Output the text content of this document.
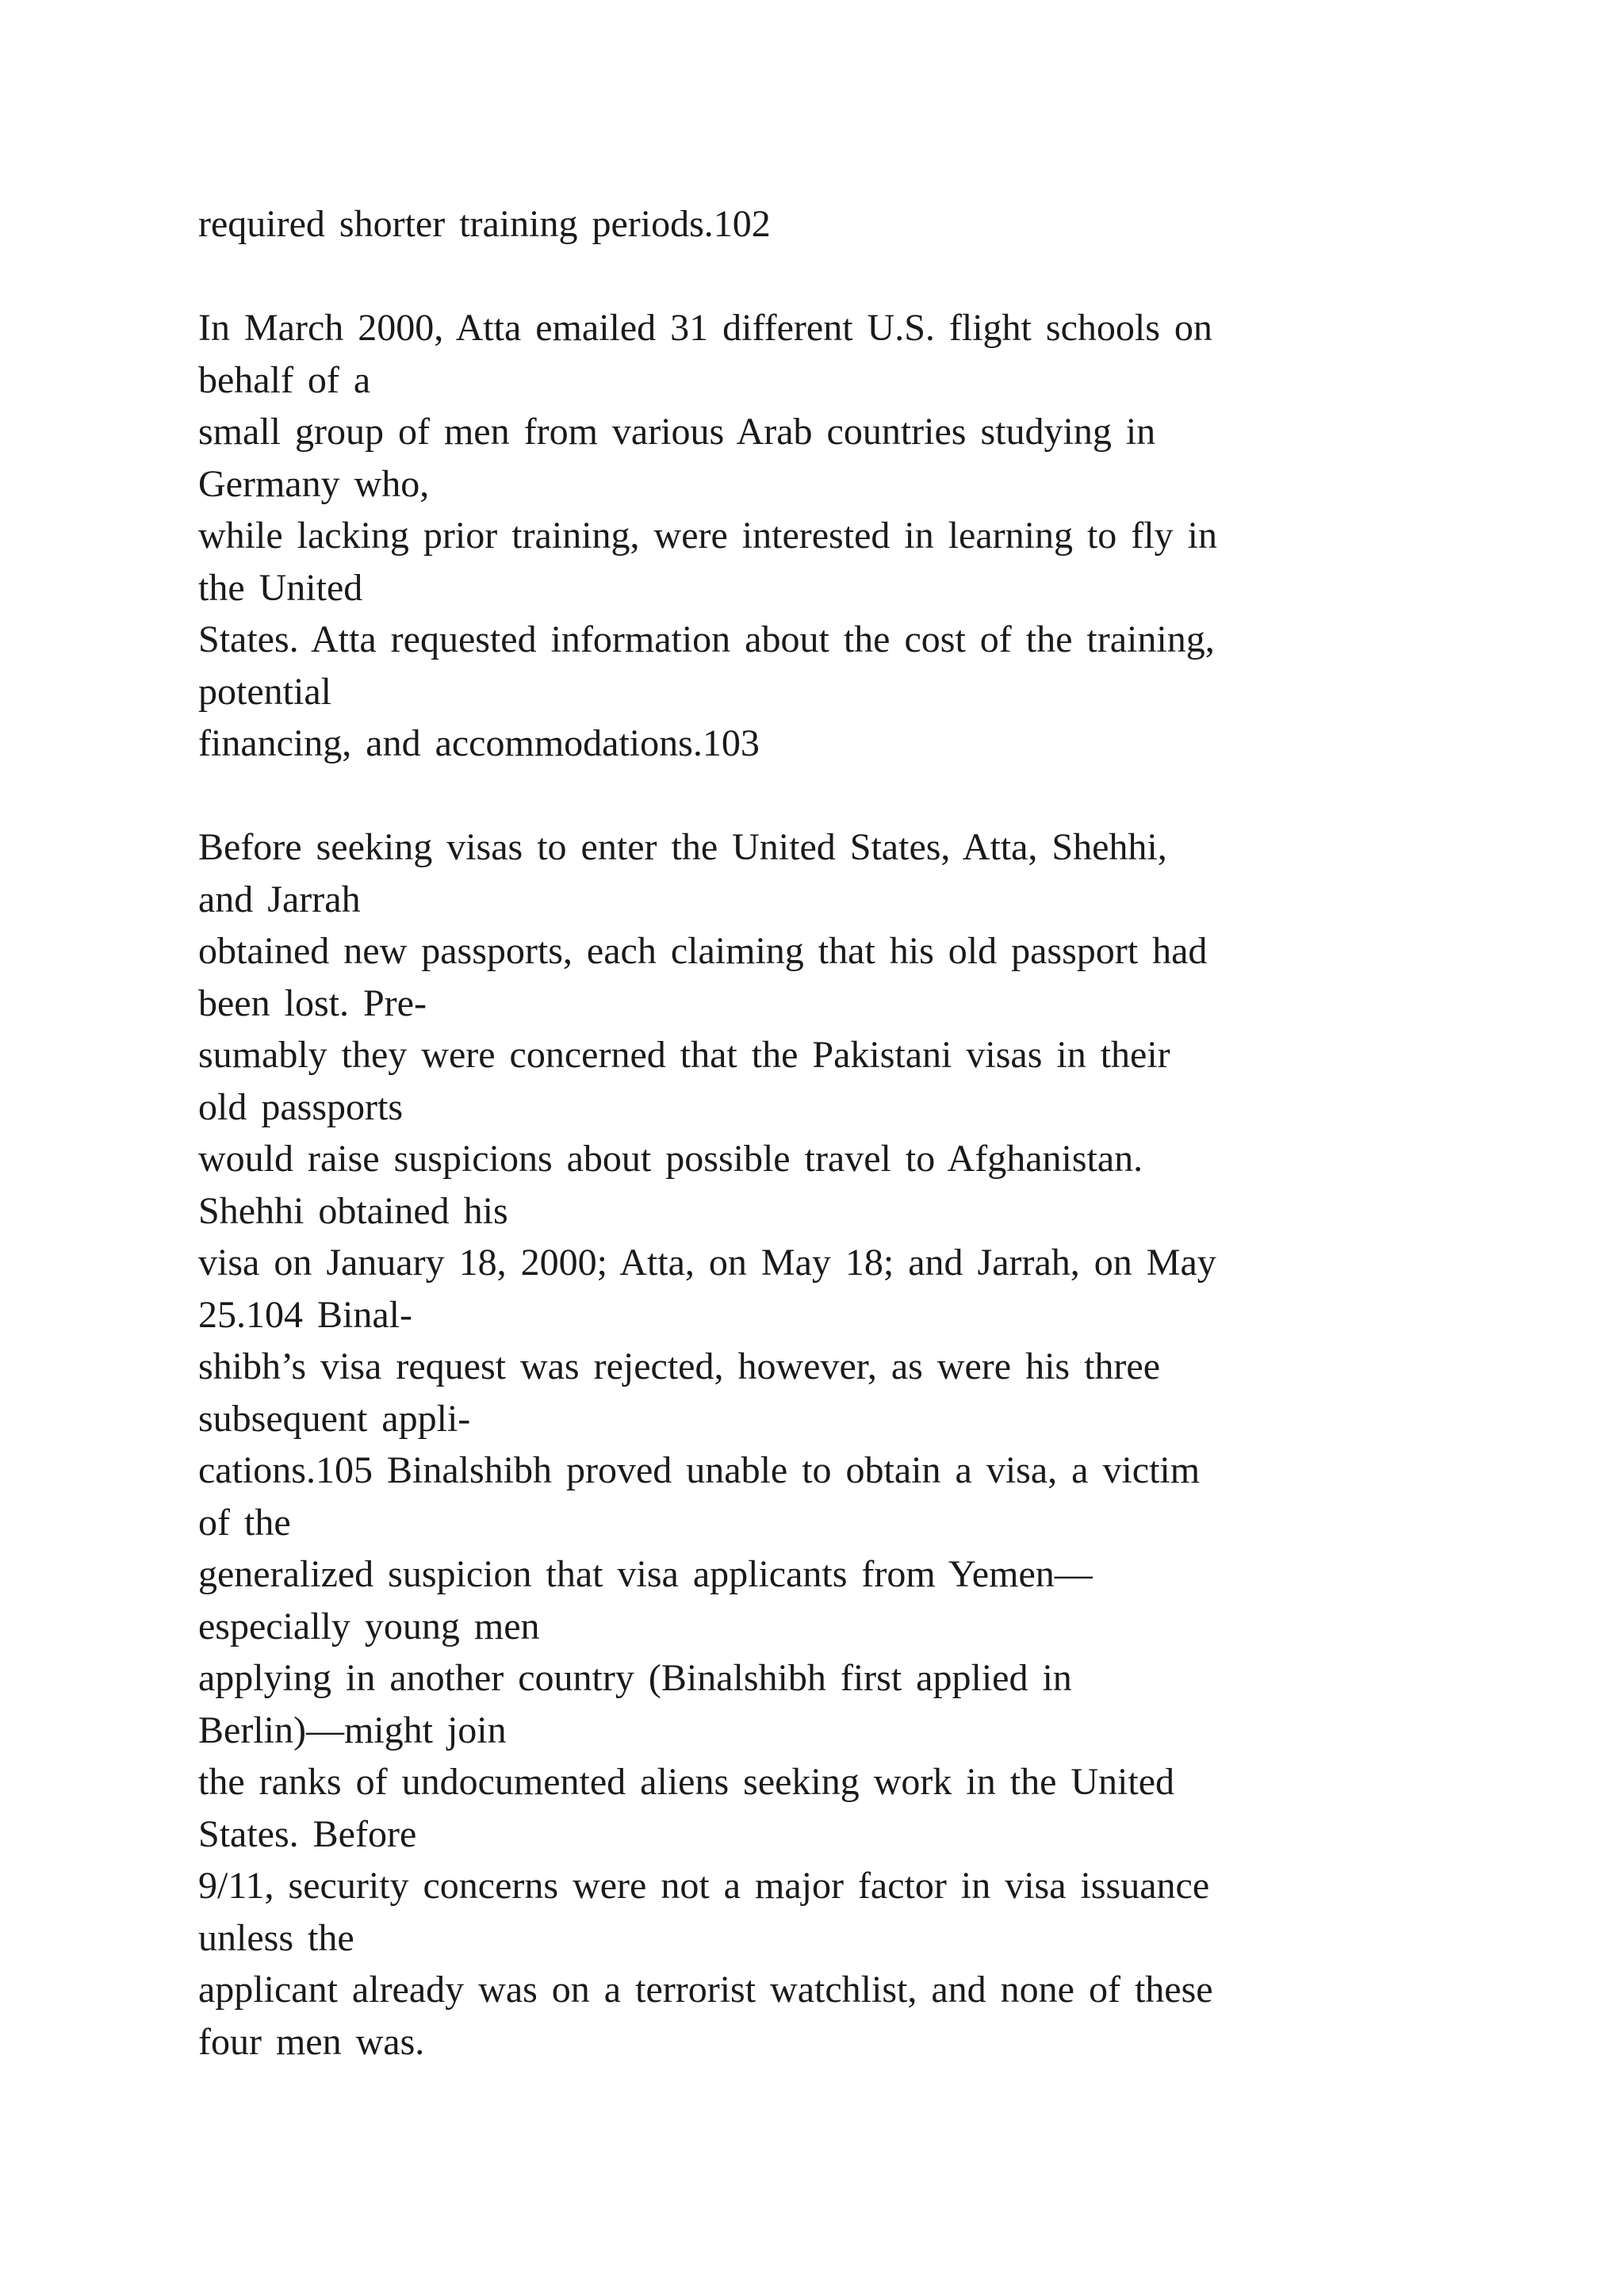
required shorter training periods.102
In March 2000, Atta emailed 31 different U.S. flight schools on
behalf of a
small group of men from various Arab countries studying in
Germany who,
while lacking prior training, were interested in learning to fly in
the United
States. Atta requested information about the cost of the training,
potential
financing, and accommodations.103
Before seeking visas to enter the United States, Atta, Shehhi,
and Jarrah
obtained new passports, each claiming that his old passport had
been lost. Pre-
sumably they were concerned that the Pakistani visas in their
old passports
would raise suspicions about possible travel to Afghanistan.
Shehhi obtained his
visa on January 18, 2000; Atta, on May 18; and Jarrah, on May
25.104 Binal-
shibh’s visa request was rejected, however, as were his three
subsequent appli-
cations.105 Binalshibh proved unable to obtain a visa, a victim
of the
generalized suspicion that visa applicants from Yemen—
especially young men
applying in another country (Binalshibh first applied in
Berlin)—might join
the ranks of undocumented aliens seeking work in the United
States. Before
9/11, security concerns were not a major factor in visa issuance
unless the
applicant already was on a terrorist watchlist, and none of these
four men was.
